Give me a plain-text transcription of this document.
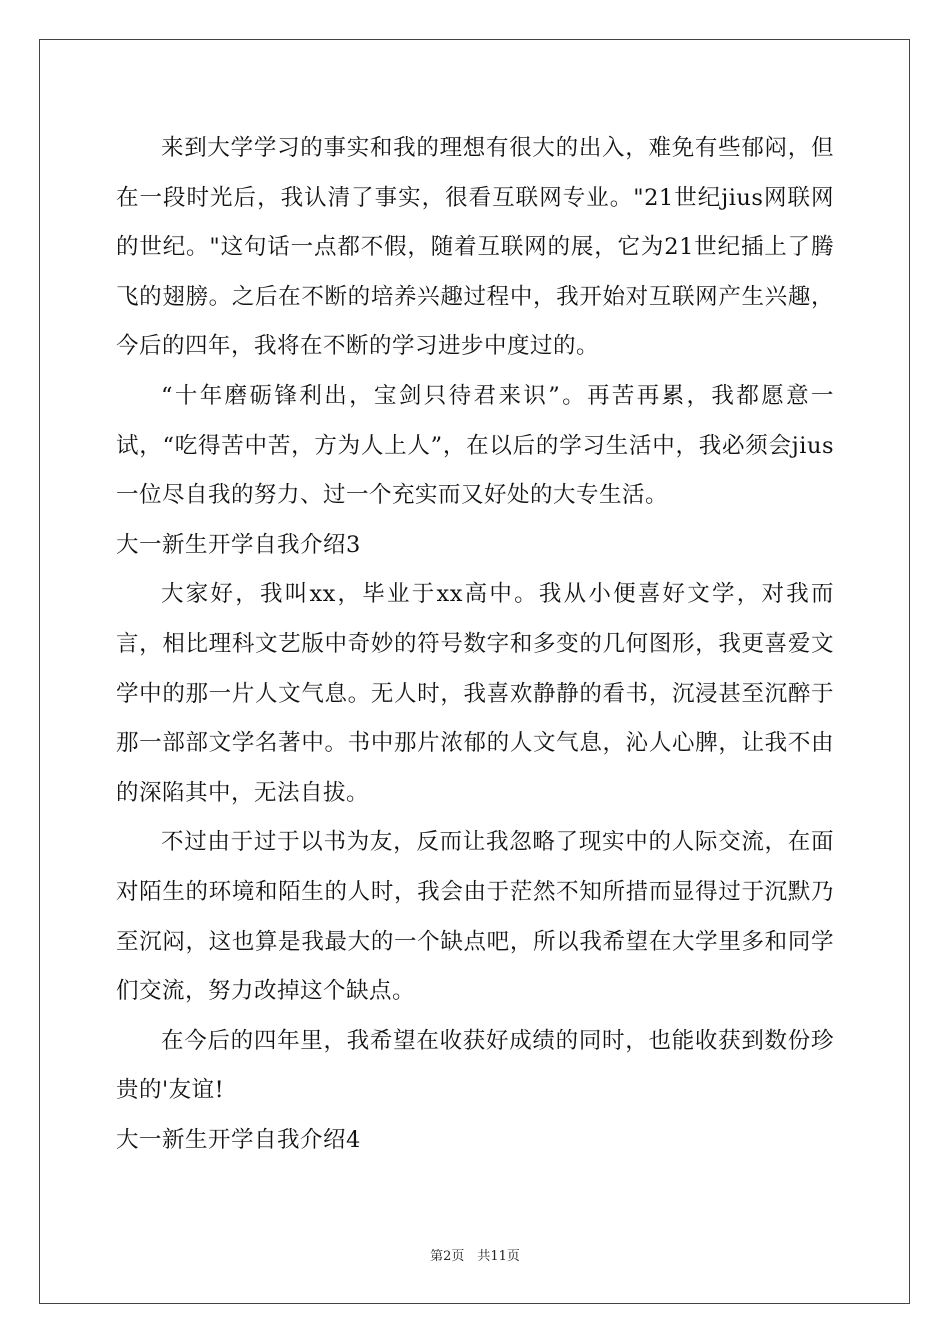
来到大学学习的事实和我的理想有很大的出入，难免有些郁闷，但在一段时光后，我认清了事实，很看互联网专业。"21世纪jius网联网的世纪。"这句话一点都不假，随着互联网的展，它为21世纪插上了腾飞的翅膀。之后在不断的培养兴趣过程中，我开始对互联网产生兴趣，今后的四年，我将在不断的学习进步中度过的。

“十年磨砺锋利出，宝剑只待君来识”。再苦再累，我都愿意一试，“吃得苦中苦，方为人上人”，在以后的学习生活中，我必须会jius一位尽自我的努力、过一个充实而又好处的大专生活。

大一新生开学自我介绍3

大家好，我叫xx，毕业于xx高中。我从小便喜好文学，对我而言，相比理科文艺版中奇妙的符号数字和多变的几何图形，我更喜爱文学中的那一片人文气息。无人时，我喜欢静静的看书，沉浸甚至沉醉于那一部部文学名著中。书中那片浓郁的人文气息，沁人心脾，让我不由的深陷其中，无法自拔。

不过由于过于以书为友，反而让我忽略了现实中的人际交流，在面对陌生的环境和陌生的人时，我会由于茫然不知所措而显得过于沉默乃至沉闷，这也算是我最大的一个缺点吧，所以我希望在大学里多和同学们交流，努力改掉这个缺点。

在今后的四年里，我希望在收获好成绩的同时，也能收获到数份珍贵的'友谊!

大一新生开学自我介绍4

第2页　共11页
